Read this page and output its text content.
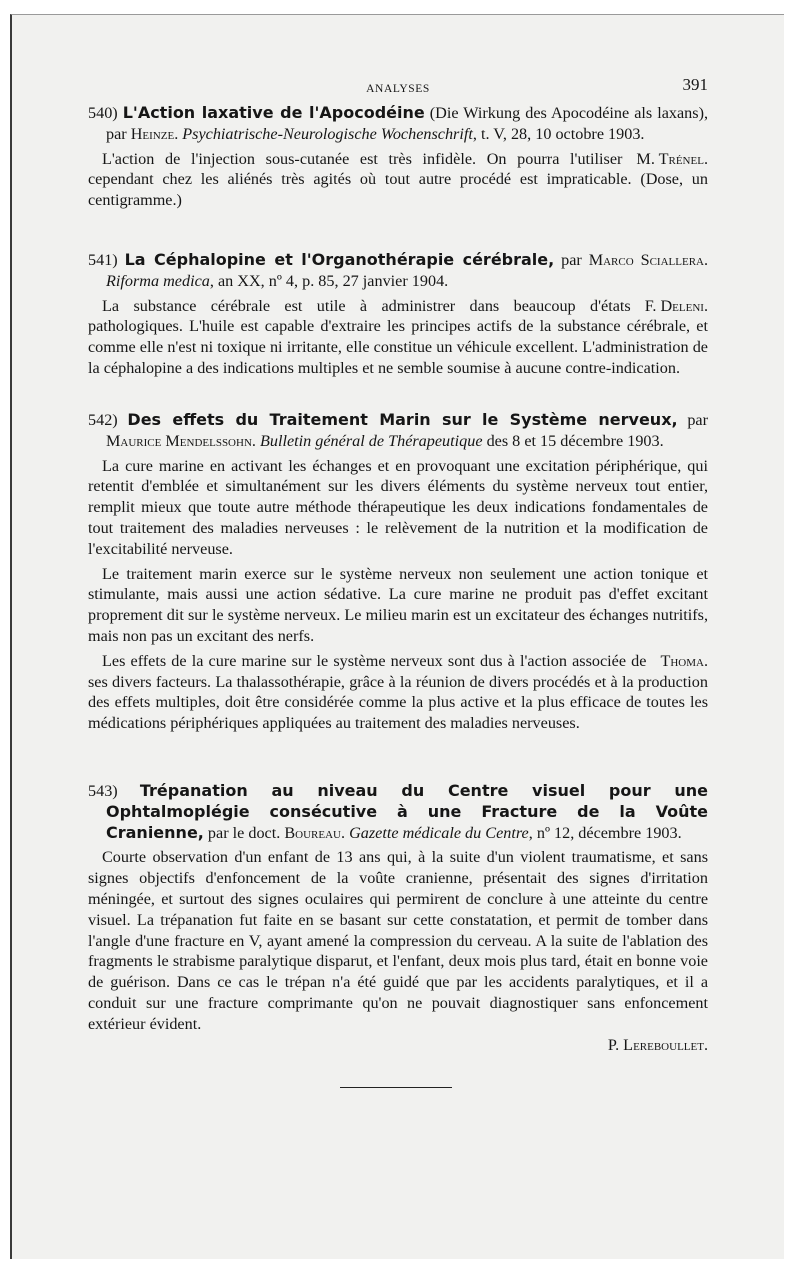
ANALYSES	391

540) L'Action laxative de l'Apocodéine (Die Wirkung des Apocodéine als laxans), par Heinze. Psychiatrische-Neurologische Wochenschrift, t. V, 28, 10 octobre 1903.

M. Trénel.
L'action de l'injection sous-cutanée est très infidèle. On pourra l'utiliser cependant chez les aliénés très agités où tout autre procédé est impraticable. (Dose, un centigramme.)

541) La Céphalopine et l'Organothérapie cérébrale, par Marco Sciallera. Riforma medica, an XX, nº 4, p. 85, 27 janvier 1904.

F. Deleni.
La substance cérébrale est utile à administrer dans beaucoup d'états pathologiques. L'huile est capable d'extraire les principes actifs de la substance cérébrale, et comme elle n'est ni toxique ni irritante, elle constitue un véhicule excellent. L'administration de la céphalopine a des indications multiples et ne semble soumise à aucune contre-indication.

542) Des effets du Traitement Marin sur le Système nerveux, par Maurice Mendelssohn. Bulletin général de Thérapeutique des 8 et 15 décembre 1903.

La cure marine en activant les échanges et en provoquant une excitation périphérique, qui retentit d'emblée et simultanément sur les divers éléments du système nerveux tout entier, remplit mieux que toute autre méthode thérapeutique les deux indications fondamentales de tout traitement des maladies nerveuses : le relèvement de la nutrition et la modification de l'excitabilité nerveuse.

Le traitement marin exerce sur le système nerveux non seulement une action tonique et stimulante, mais aussi une action sédative. La cure marine ne produit pas d'effet excitant proprement dit sur le système nerveux. Le milieu marin est un excitateur des échanges nutritifs, mais non pas un excitant des nerfs.

Thoma.
Les effets de la cure marine sur le système nerveux sont dus à l'action associée de ses divers facteurs. La thalassothérapie, grâce à la réunion de divers procédés et à la production des effets multiples, doit être considérée comme la plus active et la plus efficace de toutes les médications périphériques appliquées au traitement des maladies nerveuses.

543) Trépanation au niveau du Centre visuel pour une Ophtalmoplégie consécutive à une Fracture de la Voûte Cranienne, par le doct. Boureau. Gazette médicale du Centre, nº 12, décembre 1903.

Courte observation d'un enfant de 13 ans qui, à la suite d'un violent traumatisme, et sans signes objectifs d'enfoncement de la voûte cranienne, présentait des signes d'irritation méningée, et surtout des signes oculaires qui permirent de conclure à une atteinte du centre visuel. La trépanation fut faite en se basant sur cette constatation, et permit de tomber dans l'angle d'une fracture en V, ayant amené la compression du cerveau. A la suite de l'ablation des fragments le strabisme paralytique disparut, et l'enfant, deux mois plus tard, était en bonne voie de guérison. Dans ce cas le trépan n'a été guidé que par les accidents paralytiques, et il a conduit sur une fracture comprimante qu'on ne pouvait diagnostiquer sans enfoncement extérieur évident.

P. Lereboullet.
